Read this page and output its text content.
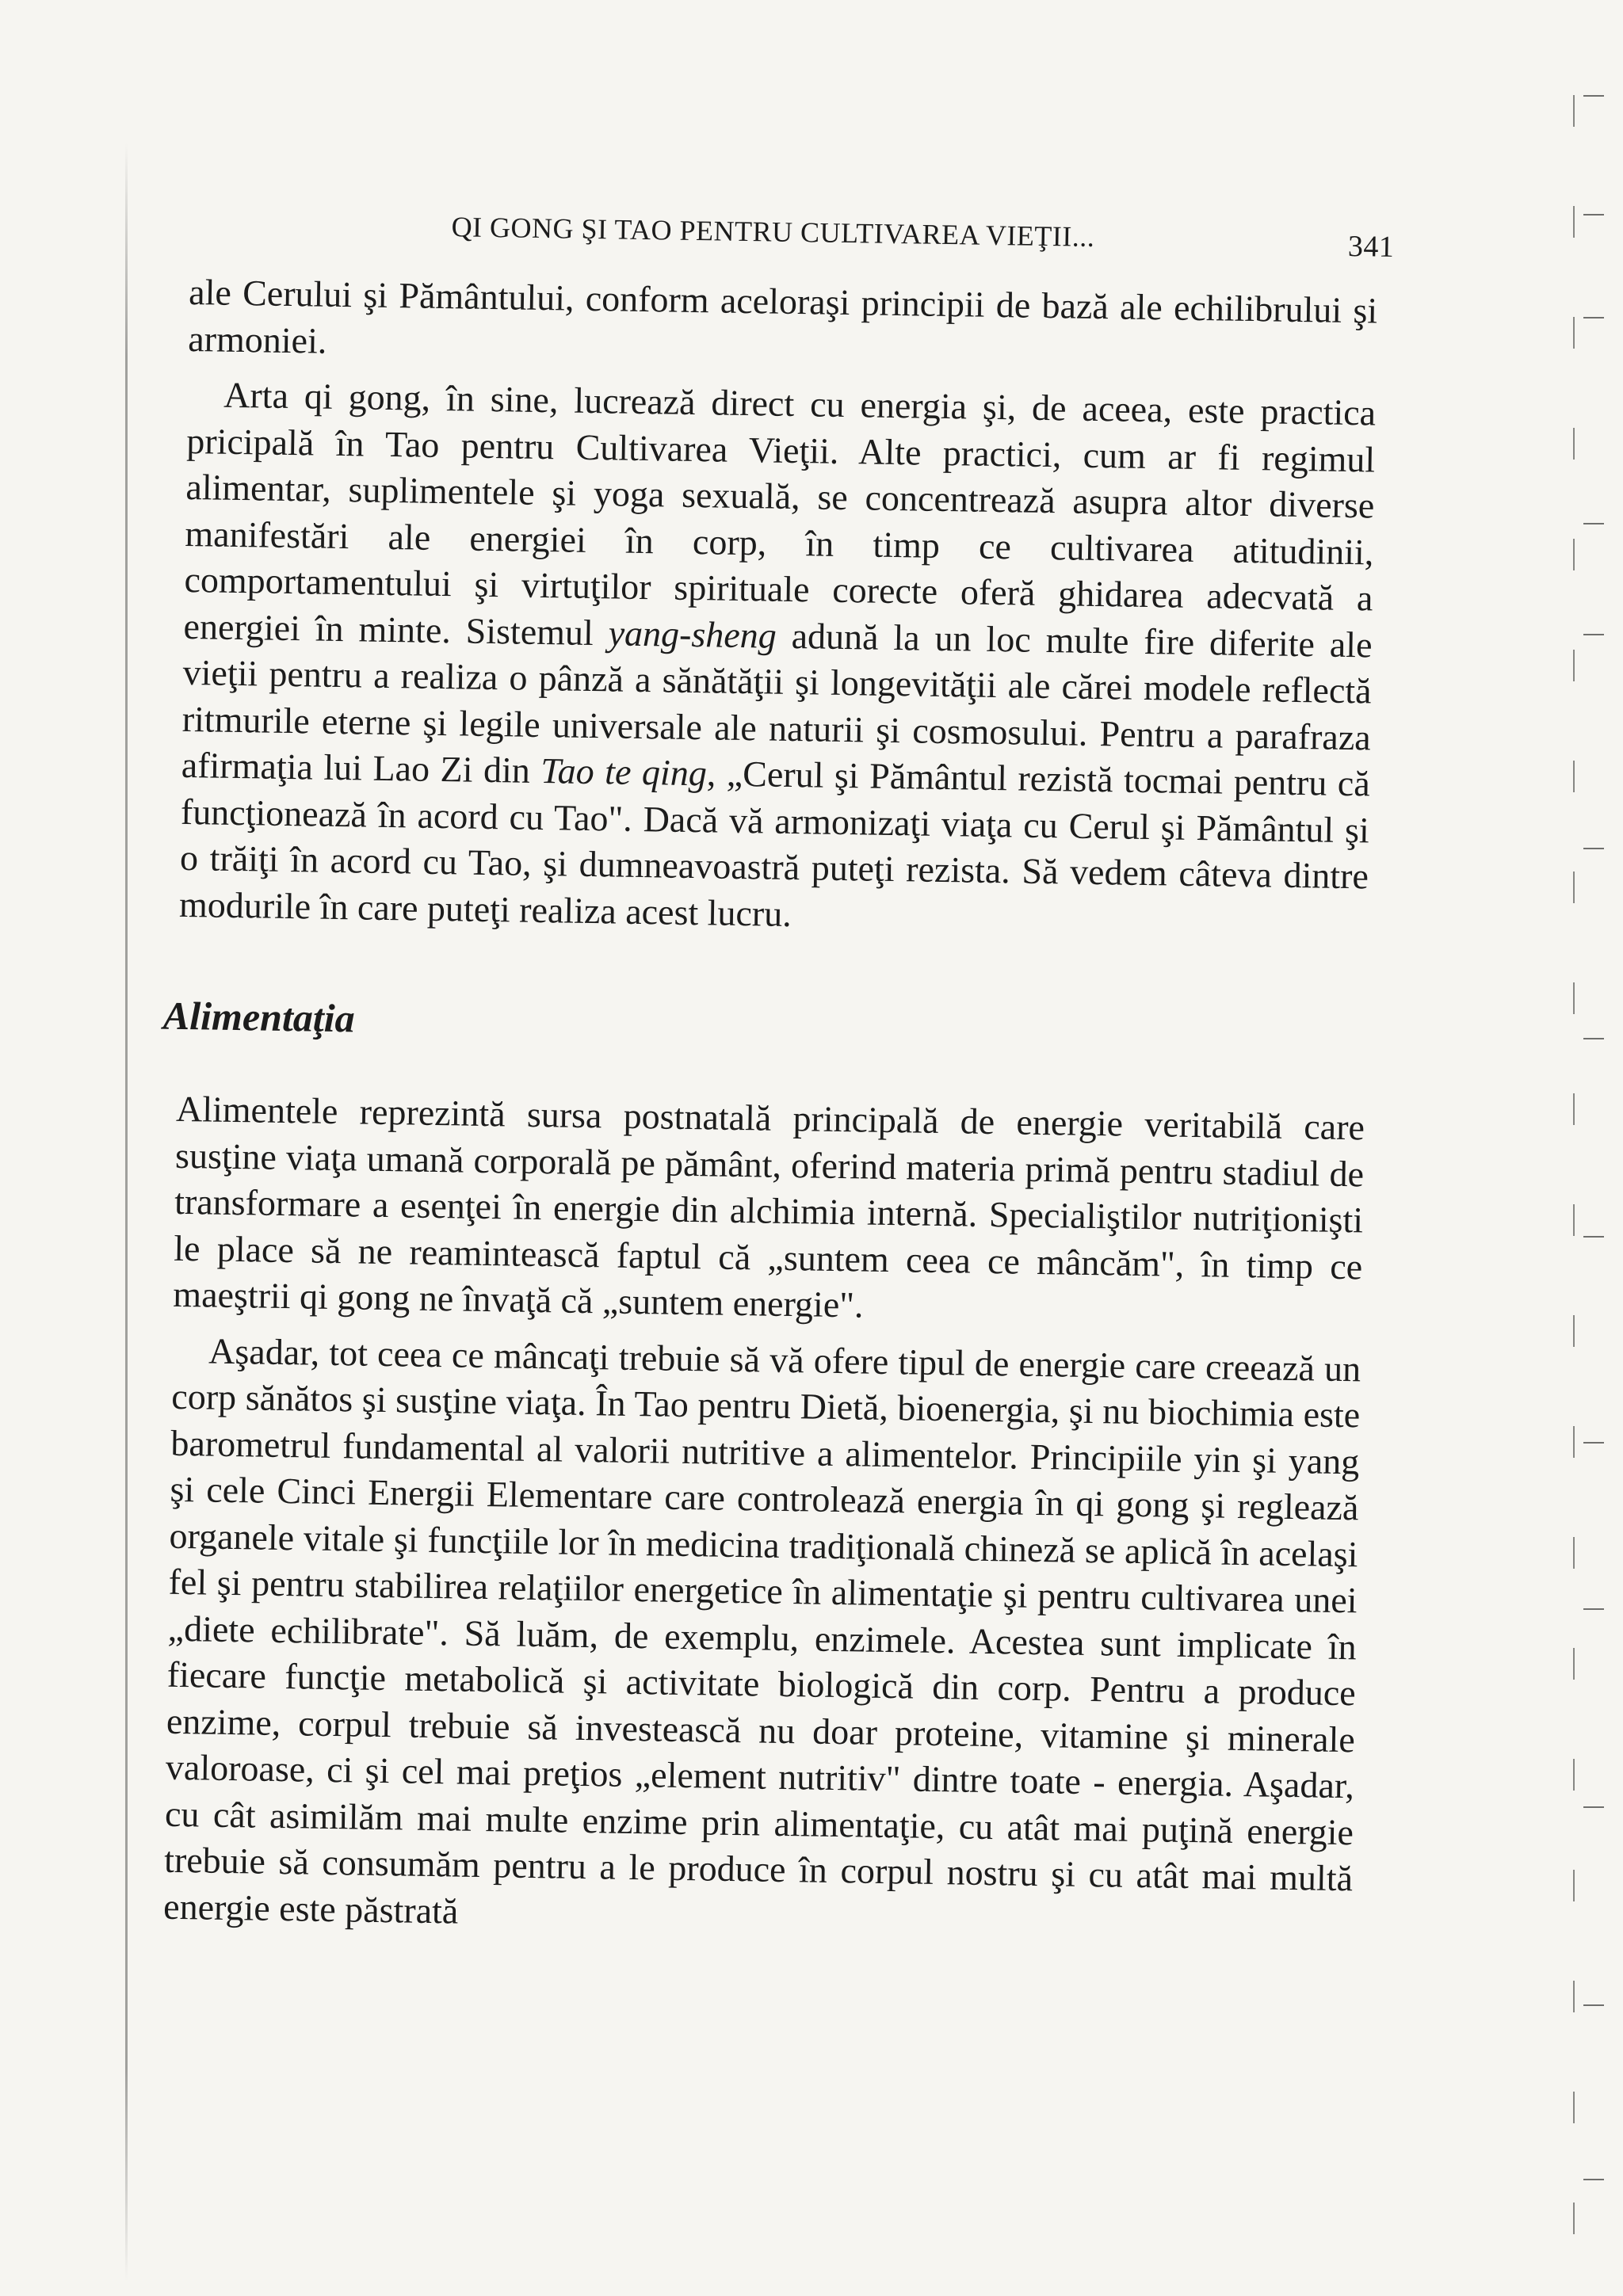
QI GONG ŞI TAO PENTRU CULTIVAREA VIEŢII...	341

ale Cerului şi Pământului, conform aceloraşi principii de bază ale echilibrului şi armoniei.

Arta qi gong, în sine, lucrează direct cu energia şi, de aceea, este practica pricipală în Tao pentru Cultivarea Vieţii. Alte practici, cum ar fi regimul alimentar, suplimentele şi yoga sexuală, se concentrează asupra altor diverse manifestări ale energiei în corp, în timp ce cultivarea atitudinii, comportamentului şi virtuţilor spirituale corecte oferă ghidarea adecvată a energiei în minte. Sistemul yang-sheng adună la un loc multe fire diferite ale vieţii pentru a realiza o pânză a sănătăţii şi longevităţii ale cărei modele reflectă ritmurile eterne şi legile universale ale naturii şi cosmosului. Pentru a parafraza afirmaţia lui Lao Zi din Tao te qing, „Cerul şi Pământul rezistă tocmai pentru că funcţionează în acord cu Tao". Dacă vă armonizaţi viaţa cu Cerul şi Pământul şi o trăiţi în acord cu Tao, şi dumneavoastră puteţi rezista. Să vedem câteva dintre modurile în care puteţi realiza acest lucru.

Alimentaţia

Alimentele reprezintă sursa postnatală principală de energie veritabilă care susţine viaţa umană corporală pe pământ, oferind materia primă pentru stadiul de transformare a esenţei în energie din alchimia internă. Specialiştilor nutriţionişti le place să ne reamintească faptul că „suntem ceea ce mâncăm", în timp ce maeştrii qi gong ne învaţă că „suntem energie".

Aşadar, tot ceea ce mâncaţi trebuie să vă ofere tipul de energie care creează un corp sănătos şi susţine viaţa. În Tao pentru Dietă, bioenergia, şi nu biochimia este barometrul fundamental al valorii nutritive a alimentelor. Principiile yin şi yang şi cele Cinci Energii Elementare care controlează energia în qi gong şi reglează organele vitale şi funcţiile lor în medicina tradiţională chineză se aplică în acelaşi fel şi pentru stabilirea relaţiilor energetice în alimentaţie şi pentru cultivarea unei „diete echilibrate". Să luăm, de exemplu, enzimele. Acestea sunt implicate în fiecare funcţie metabolică şi activitate biologică din corp. Pentru a produce enzime, corpul trebuie să investească nu doar proteine, vitamine şi minerale valoroase, ci şi cel mai preţios „element nutritiv" dintre toate - energia. Aşadar, cu cât asimilăm mai multe enzime prin alimentaţie, cu atât mai puţină energie trebuie să consumăm pentru a le produce în corpul nostru şi cu atât mai multă energie este păstrată
